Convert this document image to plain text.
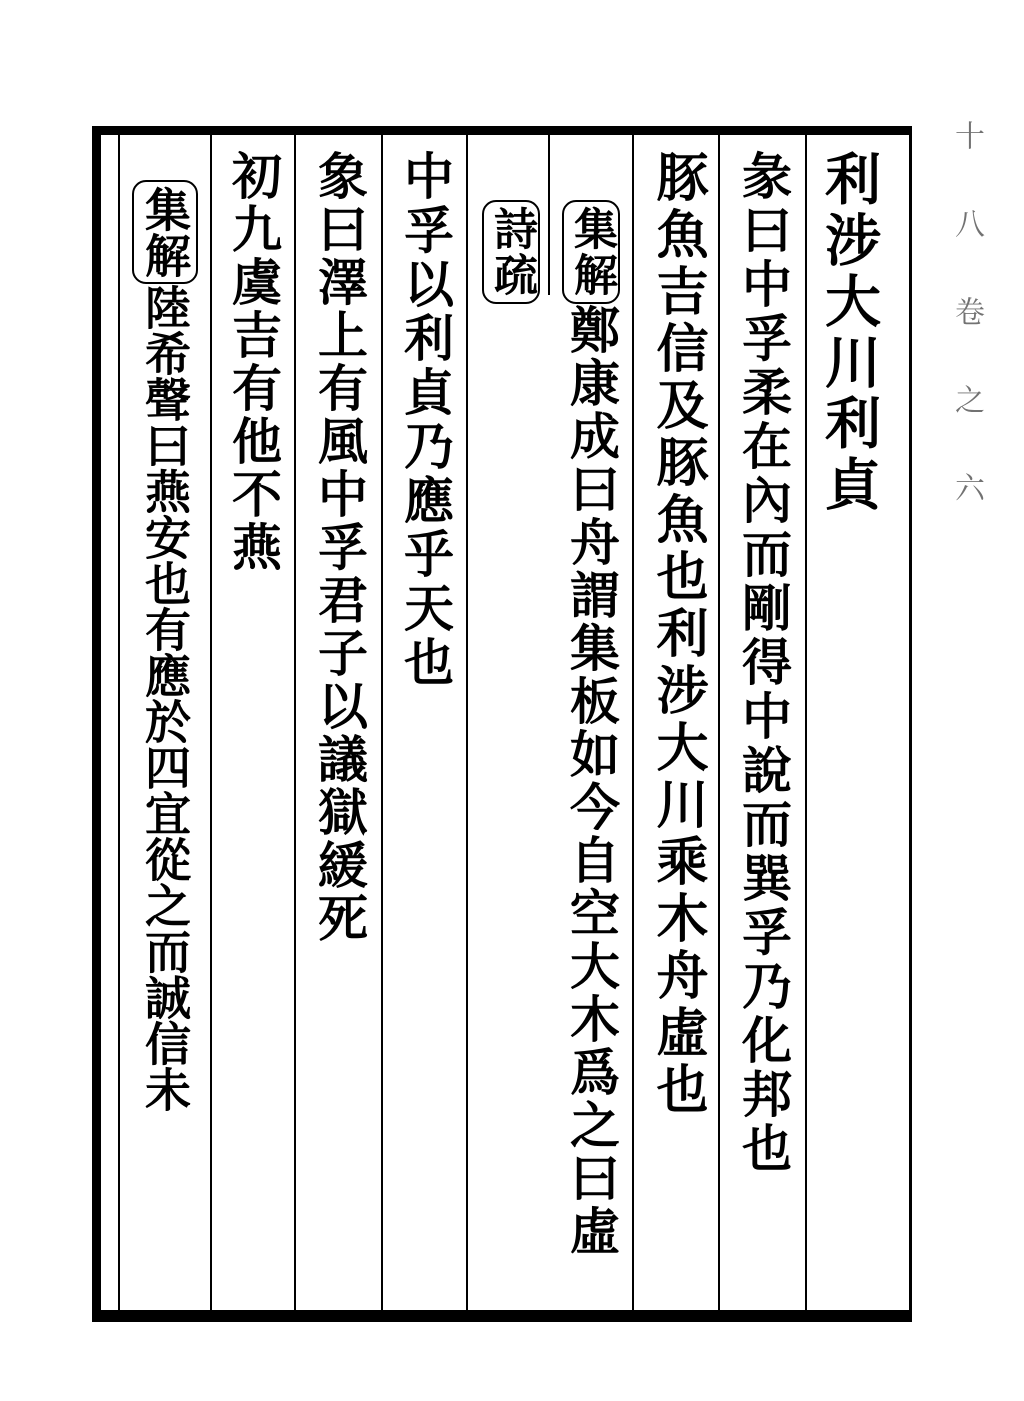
利涉大川利貞
彖曰中孚柔在內而剛得中說而巽孚乃化邦也
豚魚吉信及豚魚也利涉大川乘木舟虛也
集解
鄭康成曰舟謂集板如今自空大木爲之曰虛
詩疏
中孚以利貞乃應乎天也
象曰澤上有風中孚君子以議獄緩死
初九虞吉有他不燕
集解陸希聲曰燕安也有應於四宜從之而誠信未	十八卷之六
